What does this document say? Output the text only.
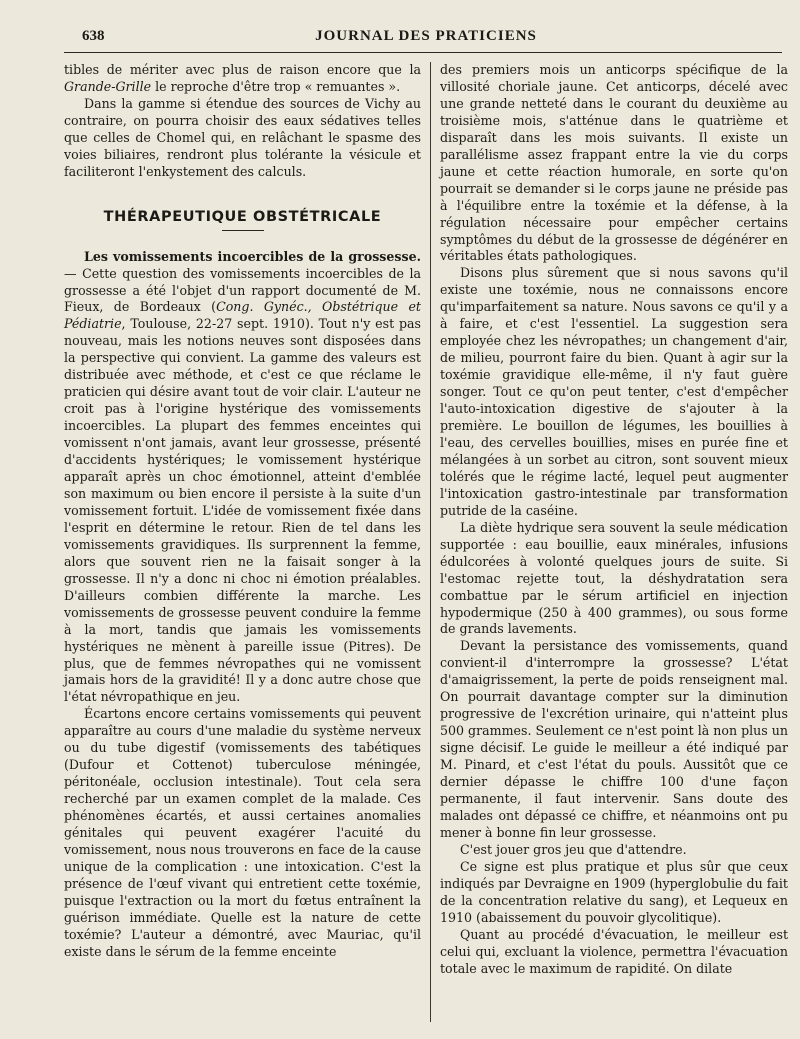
638	JOURNAL DES PRATICIENS

tibles de mériter avec plus de raison encore que la Grande-Grille le reproche d'être trop « remuantes ».

Dans la gamme si étendue des sources de Vichy au contraire, on pourra choisir des eaux sédatives telles que celles de Chomel qui, en relâchant le spasme des voies biliaires, rendront plus tolérante la vésicule et faciliteront l'enkystement des calculs.

THÉRAPEUTIQUE OBSTÉTRICALE

Les vomissements incoercibles de la grossesse. — Cette question des vomissements incoercibles de la grossesse a été l'objet d'un rapport documenté de M. Fieux, de Bordeaux (Cong. Gynéc., Obstétrique et Pédiatrie, Toulouse, 22-27 sept. 1910). Tout n'y est pas nouveau, mais les notions neuves sont disposées dans la perspective qui convient. La gamme des valeurs est distribuée avec méthode, et c'est ce que réclame le praticien qui désire avant tout de voir clair. L'auteur ne croit pas à l'origine hystérique des vomissements incoercibles. La plupart des femmes enceintes qui vomissent n'ont jamais, avant leur grossesse, présenté d'accidents hystériques; le vomissement hystérique apparaît après un choc émotionnel, atteint d'emblée son maximum ou bien encore il persiste à la suite d'un vomissement fortuit. L'idée de vomissement fixée dans l'esprit en détermine le retour. Rien de tel dans les vomissements gravidiques. Ils surprennent la femme, alors que souvent rien ne la faisait songer à la grossesse. Il n'y a donc ni choc ni émotion préalables. D'ailleurs combien différente la marche. Les vomissements de grossesse peuvent conduire la femme à la mort, tandis que jamais les vomissements hystériques ne mènent à pareille issue (Pitres). De plus, que de femmes névropathes qui ne vomissent jamais hors de la gravidité! Il y a donc autre chose que l'état névropathique en jeu.

Écartons encore certains vomissements qui peuvent apparaître au cours d'une maladie du système nerveux ou du tube digestif (vomissements des tabétiques (Dufour et Cottenot) tuberculose méningée, péritonéale, occlusion intestinale). Tout cela sera recherché par un examen complet de la malade. Ces phénomènes écartés, et aussi certaines anomalies génitales qui peuvent exagérer l'acuité du vomissement, nous nous trouverons en face de la cause unique de la complication : une intoxication. C'est la présence de l'œuf vivant qui entretient cette toxémie, puisque l'extraction ou la mort du fœtus entraînent la guérison immédiate. Quelle est la nature de cette toxémie? L'auteur a démontré, avec Mauriac, qu'il existe dans le sérum de la femme enceinte

des premiers mois un anticorps spécifique de la villosité choriale jaune. Cet anticorps, décelé avec une grande netteté dans le courant du deuxième au troisième mois, s'atténue dans le quatrième et disparaît dans les mois suivants. Il existe un parallélisme assez frappant entre la vie du corps jaune et cette réaction humorale, en sorte qu'on pourrait se demander si le corps jaune ne préside pas à l'équilibre entre la toxémie et la défense, à la régulation nécessaire pour empêcher certains symptômes du début de la grossesse de dégénérer en véritables états pathologiques.

Disons plus sûrement que si nous savons qu'il existe une toxémie, nous ne connaissons encore qu'imparfaitement sa nature. Nous savons ce qu'il y a à faire, et c'est l'essentiel. La suggestion sera employée chez les névropathes; un changement d'air, de milieu, pourront faire du bien. Quant à agir sur la toxémie gravidique elle-même, il n'y faut guère songer. Tout ce qu'on peut tenter, c'est d'empêcher l'auto-intoxication digestive de s'ajouter à la première. Le bouillon de légumes, les bouillies à l'eau, des cervelles bouillies, mises en purée fine et mélangées à un sorbet au citron, sont souvent mieux tolérés que le régime lacté, lequel peut augmenter l'intoxication gastro-intestinale par transformation putride de la caséine.

La diète hydrique sera souvent la seule médication supportée : eau bouillie, eaux minérales, infusions édulcorées à volonté quelques jours de suite. Si l'estomac rejette tout, la déshydratation sera combattue par le sérum artificiel en injection hypodermique (250 à 400 grammes), ou sous forme de grands lavements.

Devant la persistance des vomissements, quand convient-il d'interrompre la grossesse? L'état d'amaigrissement, la perte de poids renseignent mal. On pourrait davantage compter sur la diminution progressive de l'excrétion urinaire, qui n'atteint plus 500 grammes. Seulement ce n'est point là non plus un signe décisif. Le guide le meilleur a été indiqué par M. Pinard, et c'est l'état du pouls. Aussitôt que ce dernier dépasse le chiffre 100 d'une façon permanente, il faut intervenir. Sans doute des malades ont dépassé ce chiffre, et néanmoins ont pu mener à bonne fin leur grossesse.

C'est jouer gros jeu que d'attendre.

Ce signe est plus pratique et plus sûr que ceux indiqués par Devraigne en 1909 (hyperglobulie du fait de la concentration relative du sang), et Lequeux en 1910 (abaissement du pouvoir glycolitique).

Quant au procédé d'évacuation, le meilleur est celui qui, excluant la violence, permettra l'évacuation totale avec le maximum de rapidité. On dilate
